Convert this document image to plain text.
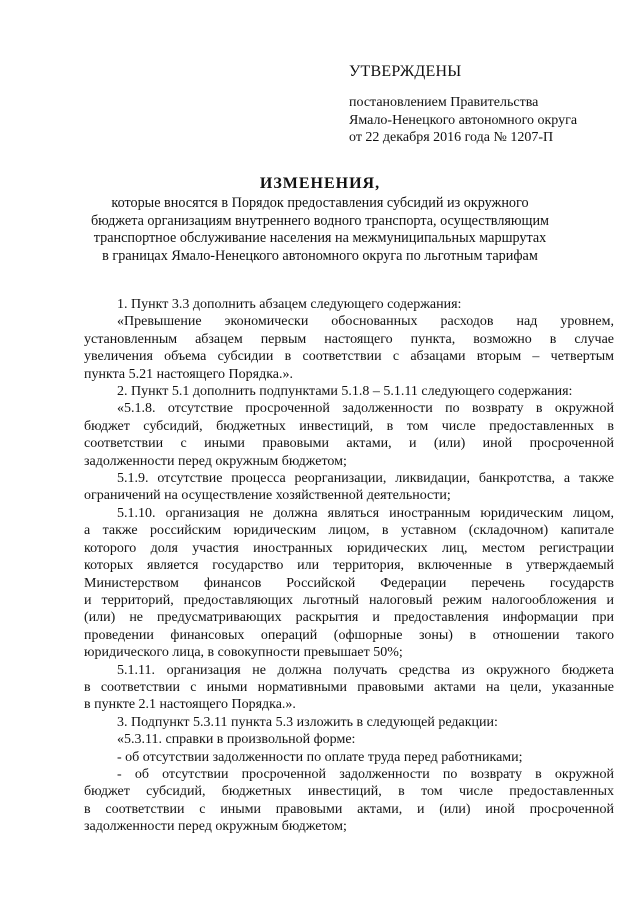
УТВЕРЖДЕНЫ
постановлением Правительства
Ямало-Ненецкого автономного округа
от 22 декабря 2016 года № 1207-П
ИЗМЕНЕНИЯ,
которые вносятся в Порядок предоставления субсидий из окружного
бюджета организациям внутреннего водного транспорта, осуществляющим
транспортное обслуживание населения на межмуниципальных маршрутах
в границах Ямало-Ненецкого автономного округа по льготным тарифам
1. Пункт 3.3 дополнить абзацем следующего содержания:
«Превышение экономически обоснованных расходов над уровнем,
установленным абзацем первым настоящего пункта, возможно в случае
увеличения объема субсидии в соответствии с абзацами вторым – четвертым
пункта 5.21 настоящего Порядка.».
2. Пункт 5.1 дополнить подпунктами 5.1.8 – 5.1.11 следующего содержания:
«5.1.8. отсутствие просроченной задолженности по возврату в окружной
бюджет субсидий, бюджетных инвестиций, в том числе предоставленных в
соответствии с иными правовыми актами, и (или) иной просроченной
задолженности перед окружным бюджетом;
5.1.9. отсутствие процесса реорганизации, ликвидации, банкротства, а также
ограничений на осуществление хозяйственной деятельности;
5.1.10. организация не должна являться иностранным юридическим лицом,
а также российским юридическим лицом, в уставном (складочном) капитале
которого доля участия иностранных юридических лиц, местом регистрации
которых является государство или территория, включенные в утверждаемый
Министерством финансов Российской Федерации перечень государств
и территорий, предоставляющих льготный налоговый режим налогообложения и
(или) не предусматривающих раскрытия и предоставления информации при
проведении финансовых операций (офшорные зоны) в отношении такого
юридического лица, в совокупности превышает 50%;
5.1.11. организация не должна получать средства из окружного бюджета
в соответствии с иными нормативными правовыми актами на цели, указанные
в пункте 2.1 настоящего Порядка.».
3. Подпункт 5.3.11 пункта 5.3 изложить в следующей редакции:
«5.3.11. справки в произвольной форме:
- об отсутствии задолженности по оплате труда перед работниками;
- об отсутствии просроченной задолженности по возврату в окружной
бюджет субсидий, бюджетных инвестиций, в том числе предоставленных
в соответствии с иными правовыми актами, и (или) иной просроченной
задолженности перед окружным бюджетом;
